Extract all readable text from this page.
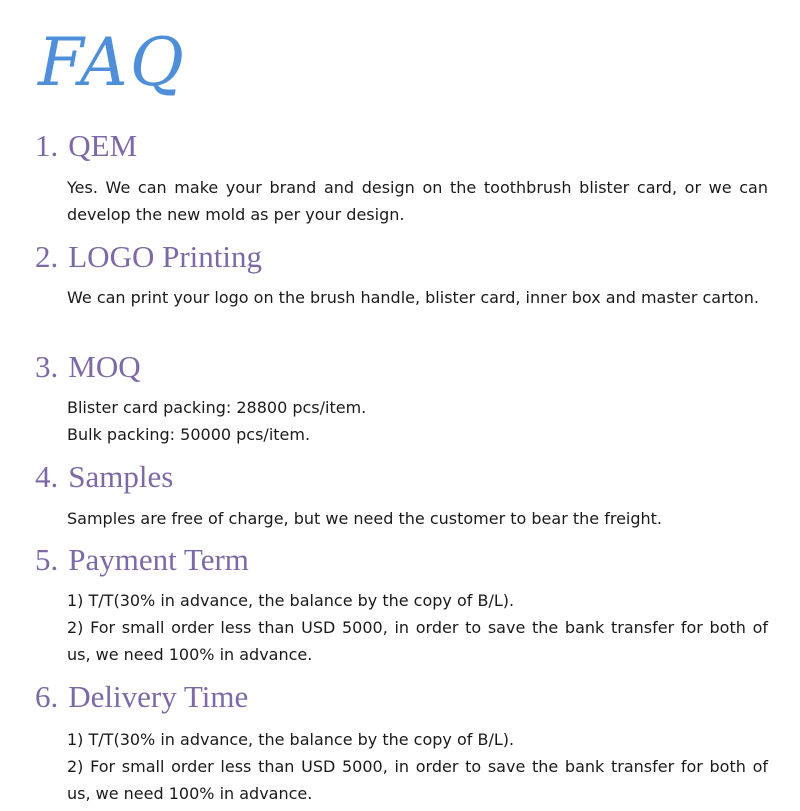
FAQ
1. QEM

Yes. We can make your brand and design on the toothbrush blister card, or we can develop the new mold as per your design.

2. LOGO Printing

We can print your logo on the brush handle, blister card, inner box and master carton.

3. MOQ

Blister card packing: 28800 pcs/item.

Bulk packing: 50000 pcs/item.

4. Samples

Samples are free of charge, but we need the customer to bear the freight.

5. Payment Term

1) T/T(30% in advance, the balance by the copy of B/L).

2) For small order less than USD 5000, in order to save the bank transfer for both of us, we need 100% in advance.

6. Delivery Time

1) T/T(30% in advance, the balance by the copy of B/L).

2) For small order less than USD 5000, in order to save the bank transfer for both of us, we need 100% in advance.
